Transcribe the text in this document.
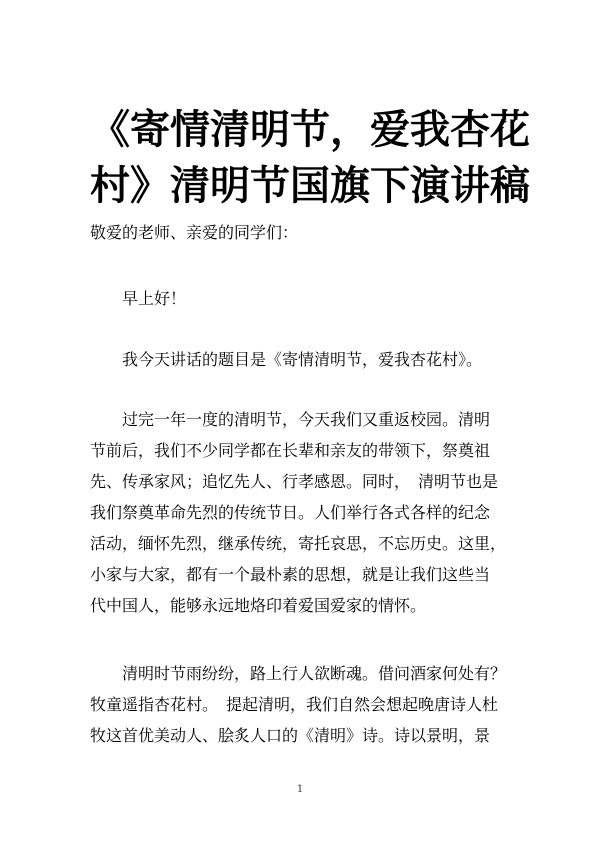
《寄情清明节，爱我杏花
村》清明节国旗下演讲稿
敬爱的老师、亲爱的同学们：
早上好！
我今天讲话的题目是《寄情清明节，爱我杏花村》。
过完一年一度的清明节，今天我们又重返校园。清明
节前后，我们不少同学都在长辈和亲友的带领下，祭奠祖
先、传承家风；追忆先人、行孝感恩。同时，　清明节也是
我们祭奠革命先烈的传统节日。人们举行各式各样的纪念
活动，缅怀先烈，继承传统，寄托哀思，不忘历史。这里，
小家与大家，都有一个最朴素的思想，就是让我们这些当
代中国人，能够永远地烙印着爱国爱家的情怀。
清明时节雨纷纷，路上行人欲断魂。借问酒家何处有？
牧童遥指杏花村。　提起清明，我们自然会想起晚唐诗人杜
牧这首优美动人、脍炙人口的《清明》诗。诗以景明，景
1
